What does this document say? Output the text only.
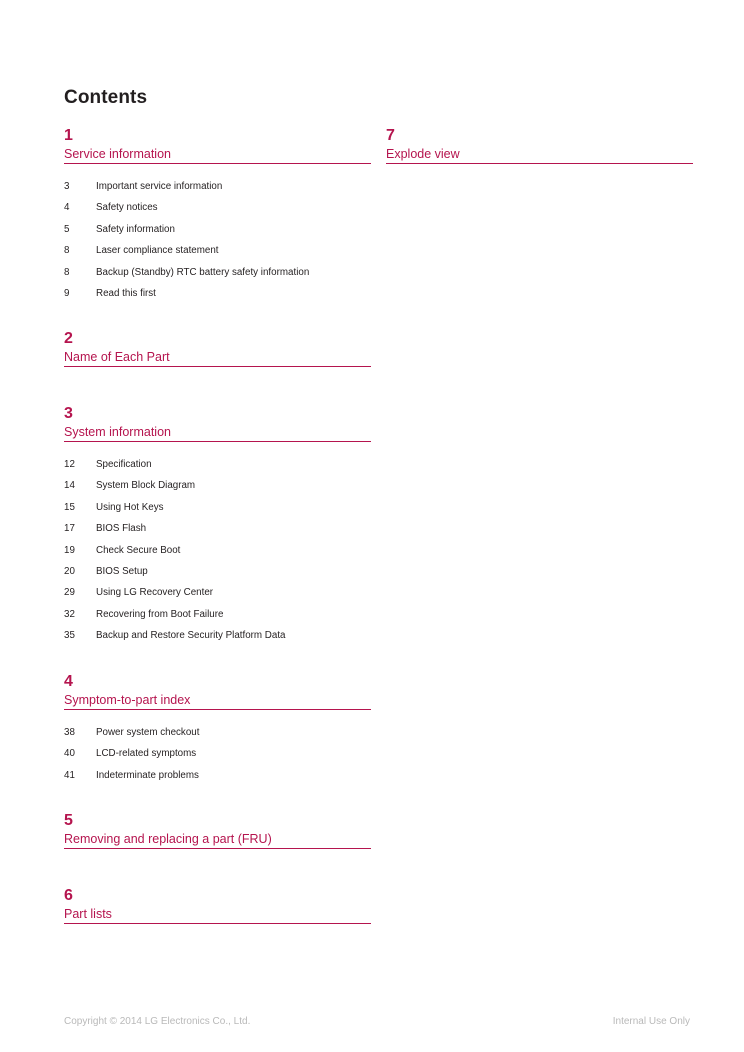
Contents
1
Service information
3	Important service information
4	Safety notices
5	Safety information
8	Laser compliance statement
8	Backup (Standby) RTC battery safety information
9	Read this first
2
Name of Each Part
3
System information
12	Specification
14	System Block Diagram
15	Using Hot Keys
17	BIOS Flash
19	Check Secure Boot
20	BIOS Setup
29	Using LG Recovery Center
32	Recovering from Boot Failure
35	Backup and Restore Security Platform Data
4
Symptom-to-part index
38	Power system checkout
40	LCD-related symptoms
41	Indeterminate problems
5
Removing and replacing a part (FRU)
6
Part lists
7
Explode view
Copyright © 2014 LG Electronics Co., Ltd.	Internal Use Only
